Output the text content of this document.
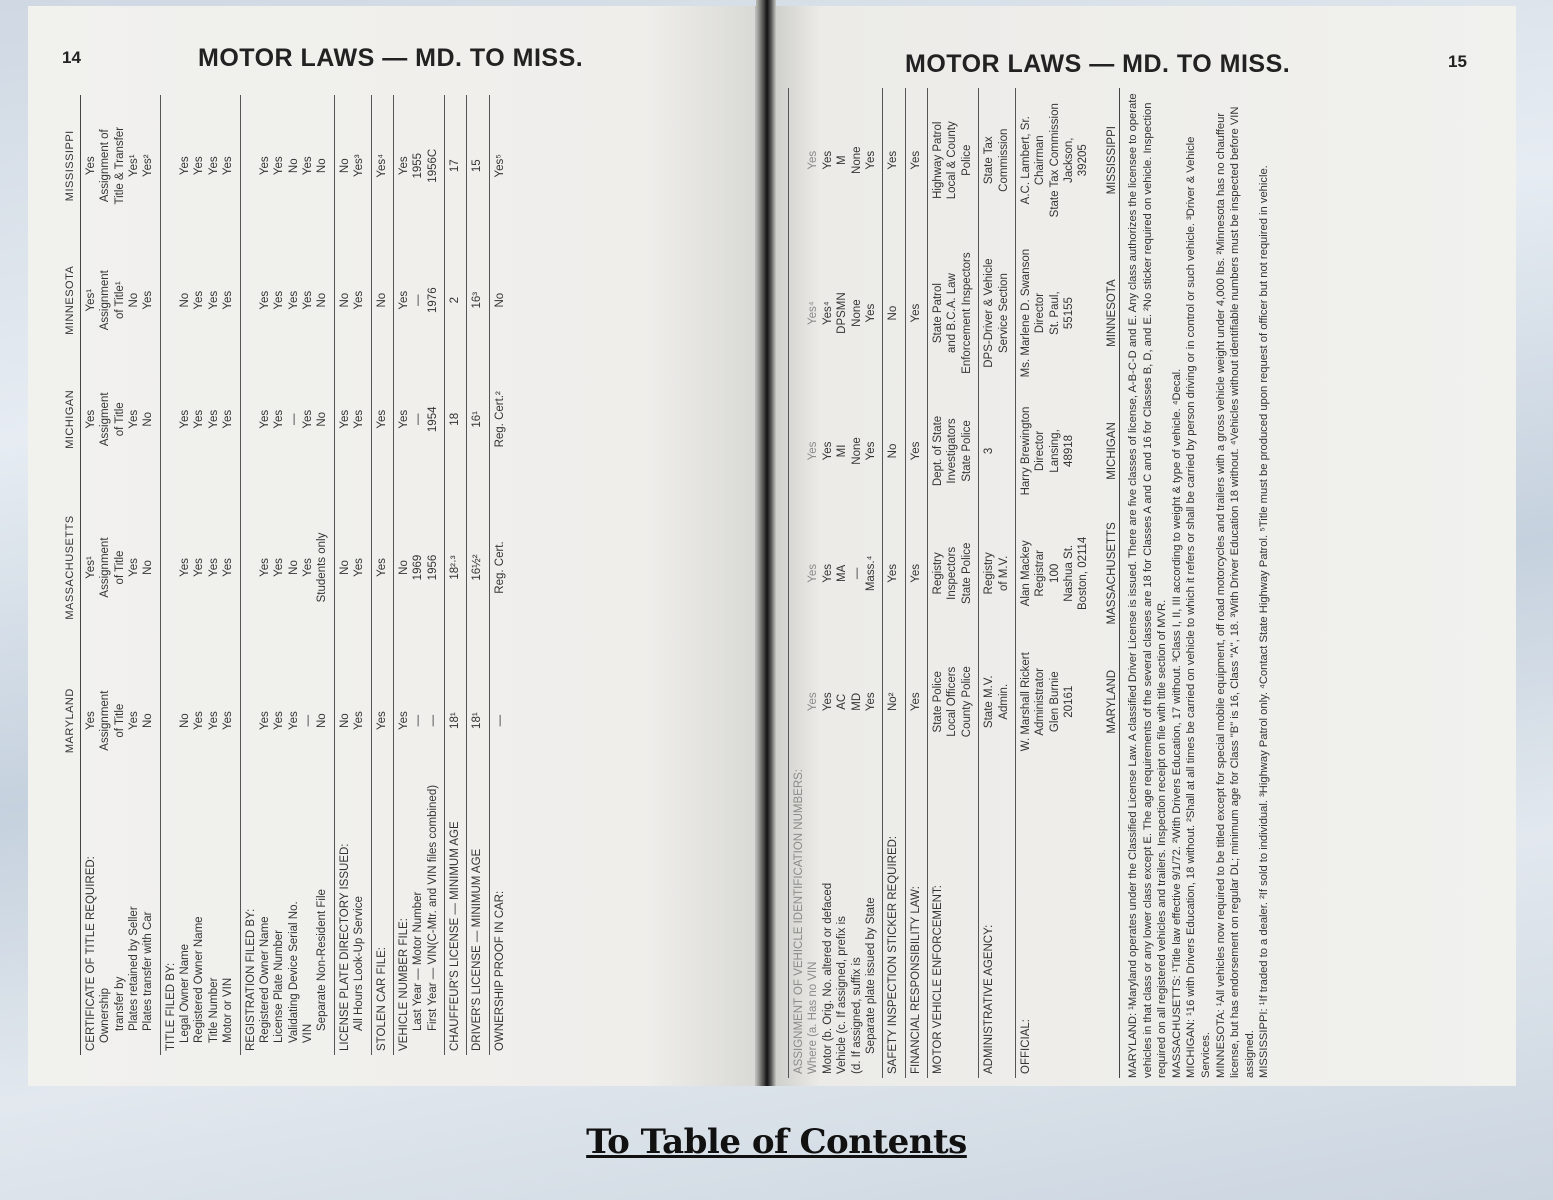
14	MOTOR LAWS — MD. TO MISS.	15
MOTOR LAWS — MD. TO MISS.
	MARYLAND	MASSACHUSETTS	MICHIGAN	MINNESOTA	MISSISSIPPI
CERTIFICATE OF TITLE REQUIRED:	Yes	Yes¹	Yes	Yes¹	Yes
Ownership	Assignment	Assignment	Assigment	Assignment	Assignment of
transfer by	of Title	of Title	of Title	of Title¹	Title & Transfer
Plates retained by Seller	Yes	Yes	Yes	No	Yes¹
Plates transfer with Car	No	No	No	Yes	Yes²
TITLE FILED BY:					
Legal Owner Name	No	Yes	Yes	No	Yes
Registered Owner Name	Yes	Yes	Yes	Yes	Yes
Title Number	Yes	Yes	Yes	Yes	Yes
Motor or VIN	Yes	Yes	Yes	Yes	Yes
REGISTRATION FILED BY:					
Registered Owner Name	Yes	Yes	Yes	Yes	Yes
License Plate Number	Yes	Yes	Yes	Yes	Yes
Validating Device Serial No.	Yes	No	—	Yes	No
VIN	—	Yes	Yes	Yes	Yes
Separate Non-Resident File	No	Students only	No	No	No
LICENSE PLATE DIRECTORY ISSUED:	No	No	Yes	No	No
All Hours Look-Up Service	Yes	Yes	Yes	Yes	Yes³
STOLEN CAR FILE:	Yes	Yes	Yes	No	Yes⁴
VEHICLE NUMBER FILE:	Yes	No	Yes	Yes	Yes
Last Year — Motor Number	—	1969	—	—	1955
First Year — VIN(C-Mtr. and VIN files combined)	—	1956	1954	1976	1956C
CHAUFFEUR'S LICENSE — MINIMUM AGE	18¹	18²·³	18	2	17
DRIVER'S LICENSE — MINIMUM AGE	18¹	16½²	16¹	16³	15
OWNERSHIP PROOF IN CAR:	—	Reg. Cert.	Reg. Cert.²	No	Yes⁵
ASSIGNMENT OF VEHICLE IDENTIFICATION NUMBERS:					
Where (a. Has no VIN	Yes	Yes	Yes	Yes⁴	Yes
Motor (b. Orig. No. altered or defaced	Yes	Yes	Yes	Yes⁴	Yes
Vehicle (c. If assigned, prefix is	AC	MA	MI	DPSMN	M
(d. If assigned, suffix is	MD	—	None	None	None
Separate plate issued by State	Yes	Mass.⁴	Yes	Yes	Yes
SAFETY INSPECTION STICKER REQUIRED:	No²	Yes	No	No	Yes
FINANCIAL RESPONSIBILITY LAW:	Yes	Yes	Yes	Yes	Yes
MOTOR VEHICLE ENFORCEMENT:	State Police	Registry	Dept. of State	State Patrol	Highway Patrol
	Local Officers	Inspectors	Investigators	and B.C.A. Law	Local & County
	County Police	State Police	State Police	Enforcement Inspectors	Police
ADMINISTRATIVE AGENCY:	State M.V.	Registry	3	DPS-Driver & Vehicle	State Tax
	Admin.	of M.V.		Service Section	Commission
OFFICIAL:	W. Marshall Rickert	Alan Mackey	Harry Brewington	Ms. Marlene D. Swanson	A.C. Lambert, Sr.
	Administrator	Registrar	Director	Director	Chairman
	Glen Burnie	100	Lansing,	St. Paul,	State Tax Commission
	20161	Nashua St.	48918	55155	Jackson,
		Boston, 02114			39205
	MARYLAND	MASSACHUSETTS	MICHIGAN	MINNESOTA	MISSISSIPPI MARYLAND: ¹Maryland operates under the Classified License Law. A classified Driver License is issued. There are five classes of license, A-B-C-D and E. Any class authorizes the licensee to operate vehicles in that class or any lower class except E. The age requirements of the several classes are 18 for Classes A and C and 16 for Classes B, D, and E. ²No sticker required on vehicle. Inspection required on all registered vehicles and trailers. Inspection receipt on file with title section of MVR. MASSACHUSETTS: ¹Title law effective 9/1/72. ²With Drivers Education, 17 without. ³Class I, II, III according to weight & type of vehicle. ⁴Decal. MICHIGAN: ¹16 with Drivers Education, 18 without. ²Shall at all times be carried on vehicle to which it refers or shall be carried by person driving or in control or such vehicle. ³Driver & Vehicle Services. MINNESOTA: ¹All vehicles now required to be titled except for special mobile equipment, off road motorcycles and trailers with a gross vehicle weight under 4,000 lbs. ²Minnesota has no chauffeur license, but has endorsement on regular DL; minimum age for Class "B" is 16, Class "A", 18. ³With Driver Education 18 without. ⁴Vehicles without identifiable numbers must be inspected before VIN assigned. MISSISSIPPI: ¹If traded to a dealer. ²If sold to individual. ³Highway Patrol only. ⁴Contact State Highway Patrol. ⁵Title must be produced upon request of officer but not required in vehicle.

To Table of Contents
